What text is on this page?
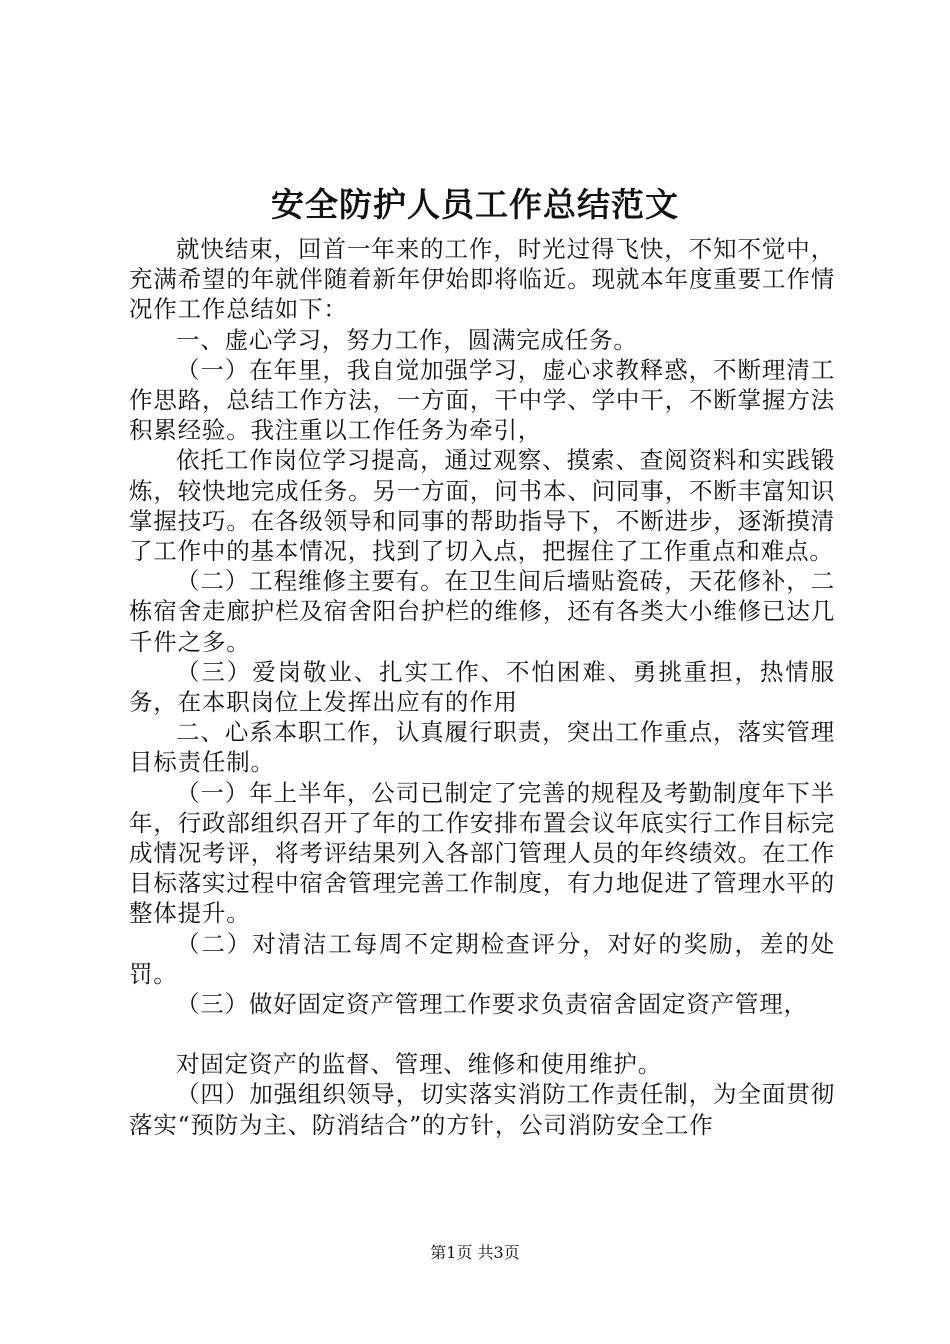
安全防护人员工作总结范文

就快结束，回首一年来的工作，时光过得飞快，不知不觉中，充满希望的年就伴随着新年伊始即将临近。现就本年度重要工作情况作工作总结如下：

一、虚心学习，努力工作，圆满完成任务。

（一）在年里，我自觉加强学习，虚心求教释惑，不断理清工作思路，总结工作方法，一方面，干中学、学中干，不断掌握方法积累经验。我注重以工作任务为牵引，

依托工作岗位学习提高，通过观察、摸索、查阅资料和实践锻炼，较快地完成任务。另一方面，问书本、问同事，不断丰富知识掌握技巧。在各级领导和同事的帮助指导下，不断进步，逐渐摸清了工作中的基本情况，找到了切入点，把握住了工作重点和难点。

（二）工程维修主要有。在卫生间后墙贴瓷砖，天花修补，二栋宿舍走廊护栏及宿舍阳台护栏的维修，还有各类大小维修已达几千件之多。

（三）爱岗敬业、扎实工作、不怕困难、勇挑重担，热情服务，在本职岗位上发挥出应有的作用

二、心系本职工作，认真履行职责，突出工作重点，落实管理目标责任制。

（一）年上半年，公司已制定了完善的规程及考勤制度年下半年，行政部组织召开了年的工作安排布置会议年底实行工作目标完成情况考评，将考评结果列入各部门管理人员的年终绩效。在工作目标落实过程中宿舍管理完善工作制度，有力地促进了管理水平的整体提升。

（二）对清洁工每周不定期检查评分，对好的奖励，差的处罚。

（三）做好固定资产管理工作要求负责宿舍固定资产管理，

对固定资产的监督、管理、维修和使用维护。

（四）加强组织领导，切实落实消防工作责任制，为全面贯彻落实“预防为主、防消结合”的方针，公司消防安全工作

第1页 共3页
